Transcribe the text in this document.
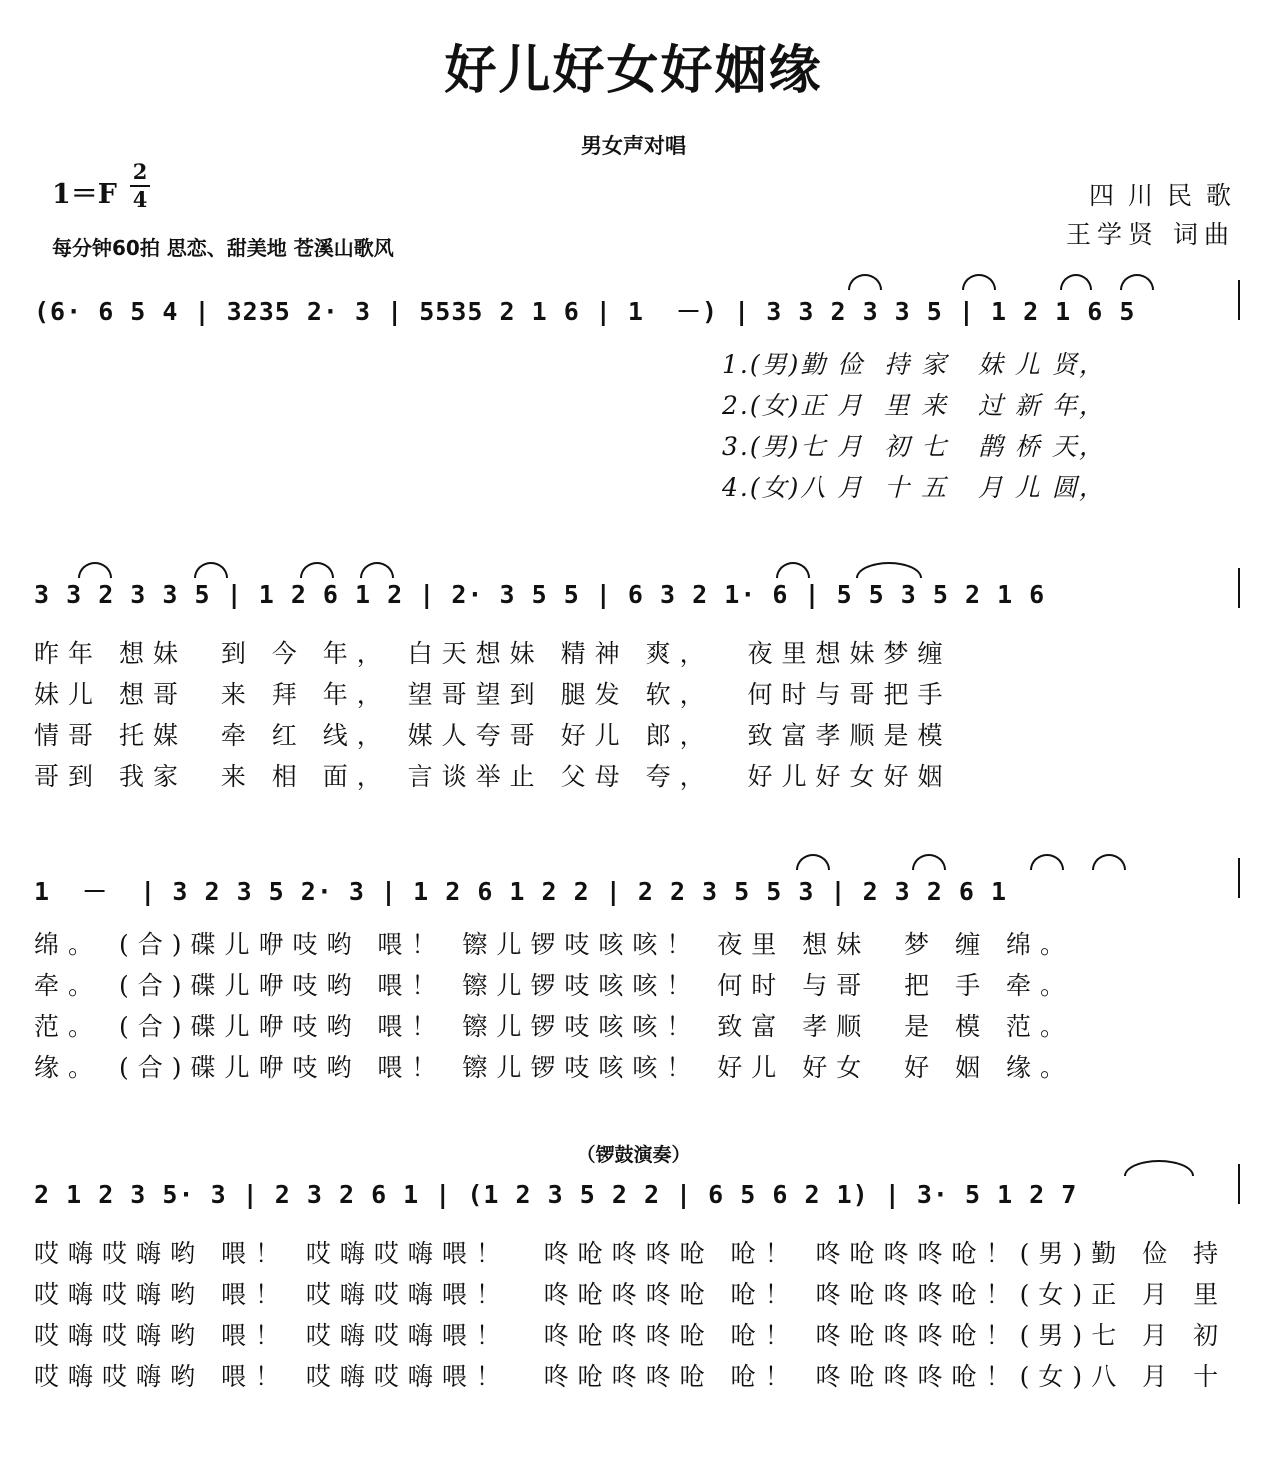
好儿好女好姻缘
男女声对唱
1＝F
2
4
每分钟60拍 思恋、甜美地 苍溪山歌风
四川民歌
王学贤 词曲
(6· 6 5 4 | 3235 2· 3 | 5535 2 1 6 | 1  －) | 3 3 2 3 3 5 | 1 2 1 6 5
1.(男)勤 俭  持 家   妹 儿 贤，
2.(女)正 月  里 来   过 新 年，
3.(男)七 月  初 七   鹊 桥 天，
4.(女)八 月  十 五   月 儿 圆，
3 3 2 3 3 5 | 1 2 6 1 2 | 2· 3 5 5 | 6 3 2 1· 6 | 5 5 3 5 2 1 6
昨年 想妹  到 今 年， 白天想妹 精神 爽，  夜里想妹梦缠
妹儿 想哥  来 拜 年， 望哥望到 腿发 软，  何时与哥把手
情哥 托媒  牵 红 线， 媒人夸哥 好儿 郎，  致富孝顺是模
哥到 我家  来 相 面， 言谈举止 父母 夸，  好儿好女好姻
1  －  | 3 2 3 5 2· 3 | 1 2 6 1 2 2 | 2 2 3 5 5 3 | 2 3 2 6 1
绵。 (合)碟儿咿吱哟 喂！ 镲儿锣吱咳咳！ 夜里 想妹  梦 缠 绵。
牵。 (合)碟儿咿吱哟 喂！ 镲儿锣吱咳咳！ 何时 与哥  把 手 牵。
范。 (合)碟儿咿吱哟 喂！ 镲儿锣吱咳咳！ 致富 孝顺  是 模 范。
缘。 (合)碟儿咿吱哟 喂！ 镲儿锣吱咳咳！ 好儿 好女  好 姻 缘。
（锣鼓演奏）
2 1 2 3 5· 3 | 2 3 2 6 1 | (1 2 3 5 2 2 | 6 5 6 2 1) | 3· 5 1 2 7
哎嗨哎嗨哟 喂！ 哎嗨哎嗨喂！  咚呛咚咚呛 呛！ 咚呛咚咚呛！(男)勤 俭 持
哎嗨哎嗨哟 喂！ 哎嗨哎嗨喂！  咚呛咚咚呛 呛！ 咚呛咚咚呛！(女)正 月 里
哎嗨哎嗨哟 喂！ 哎嗨哎嗨喂！  咚呛咚咚呛 呛！ 咚呛咚咚呛！(男)七 月 初
哎嗨哎嗨哟 喂！ 哎嗨哎嗨喂！  咚呛咚咚呛 呛！ 咚呛咚咚呛！(女)八 月 十
